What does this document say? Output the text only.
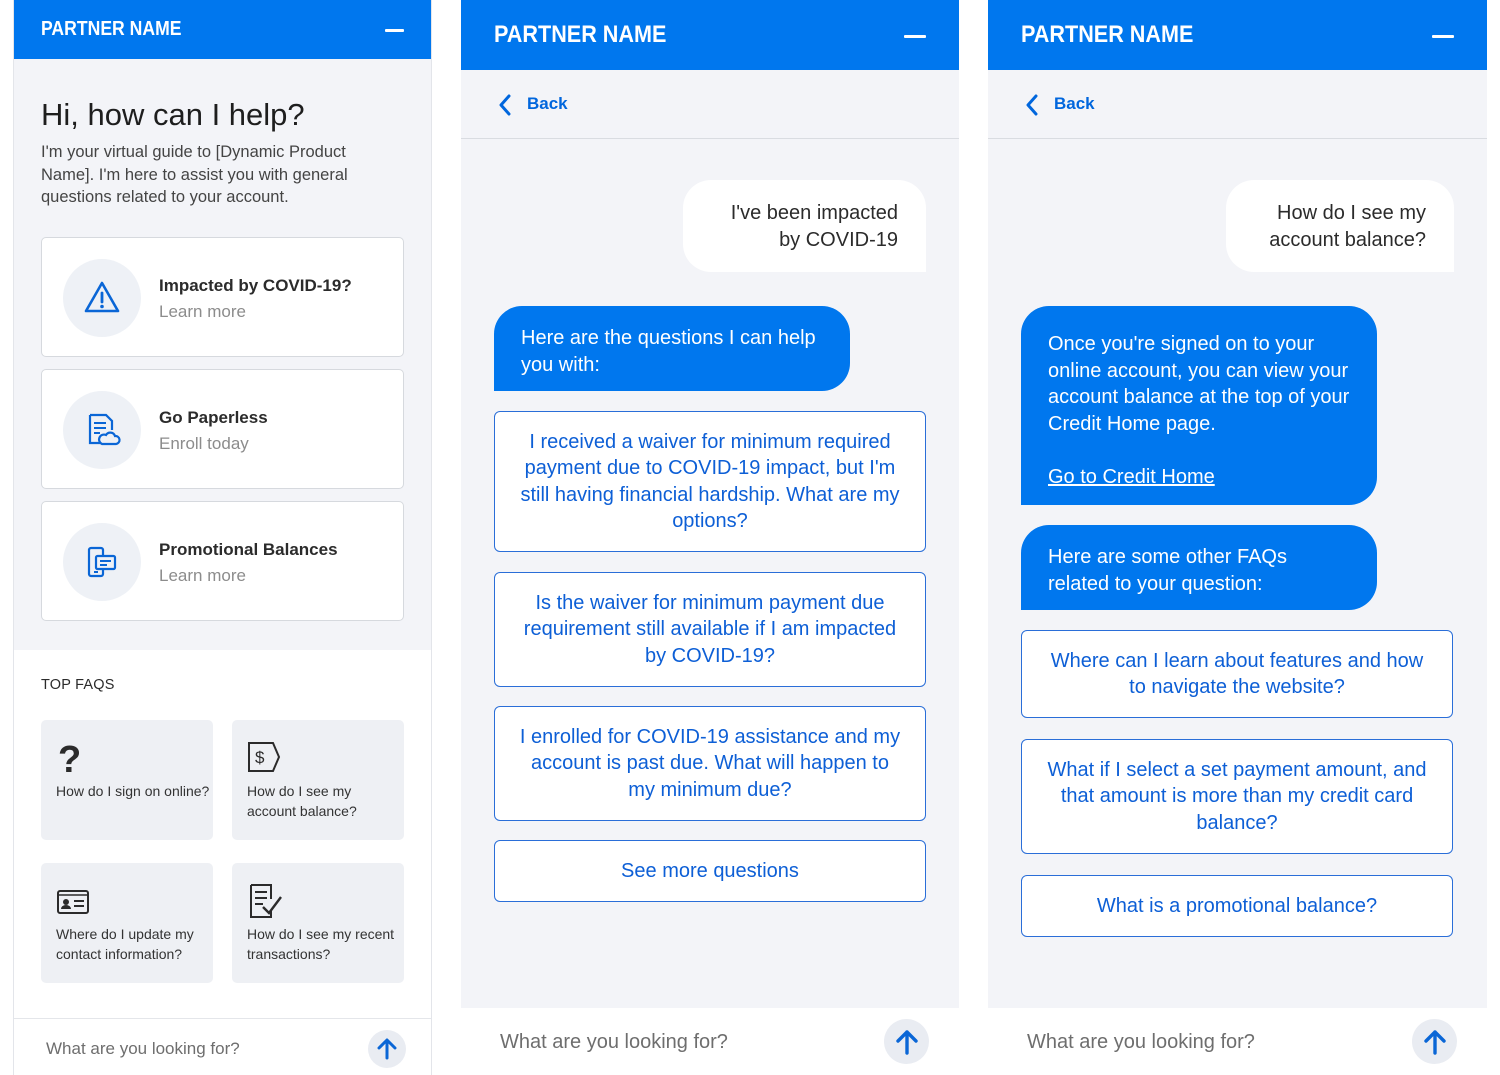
PARTNER NAME
Hi, how can I help?
I'm your virtual guide to [Dynamic Product Name]. I'm here to assist you with general questions related to your account.
Impacted by COVID-19?
Learn more
Go Paperless
Enroll today
Promotional Balances
Learn more
TOP FAQS
?
How do I sign on online?
$
How do I see my account balance?
Where do I update my contact information?
How do I see my recent transactions?
What are you looking for?
PARTNER NAME
Back
I've been impacted by COVID-19
Here are the questions I can help you with:
I received a waiver for minimum required payment due to COVID-19 impact, but I'm still having financial hardship. What are my options?
Is the waiver for minimum payment due requirement still available if I am impacted by COVID-19?
I enrolled for COVID-19 assistance and my account is past due. What will happen to my minimum due?
See more questions
What are you looking for?
PARTNER NAME
Back
How do I see my account balance?
Once you're signed on to your online account, you can view your account balance at the top of your Credit Home page.
Go to Credit Home
Here are some other FAQs related to your question:
Where can I learn about features and how to navigate the website?
What if I select a set payment amount, and that amount is more than my credit card balance?
What is a promotional balance?
What are you looking for?
